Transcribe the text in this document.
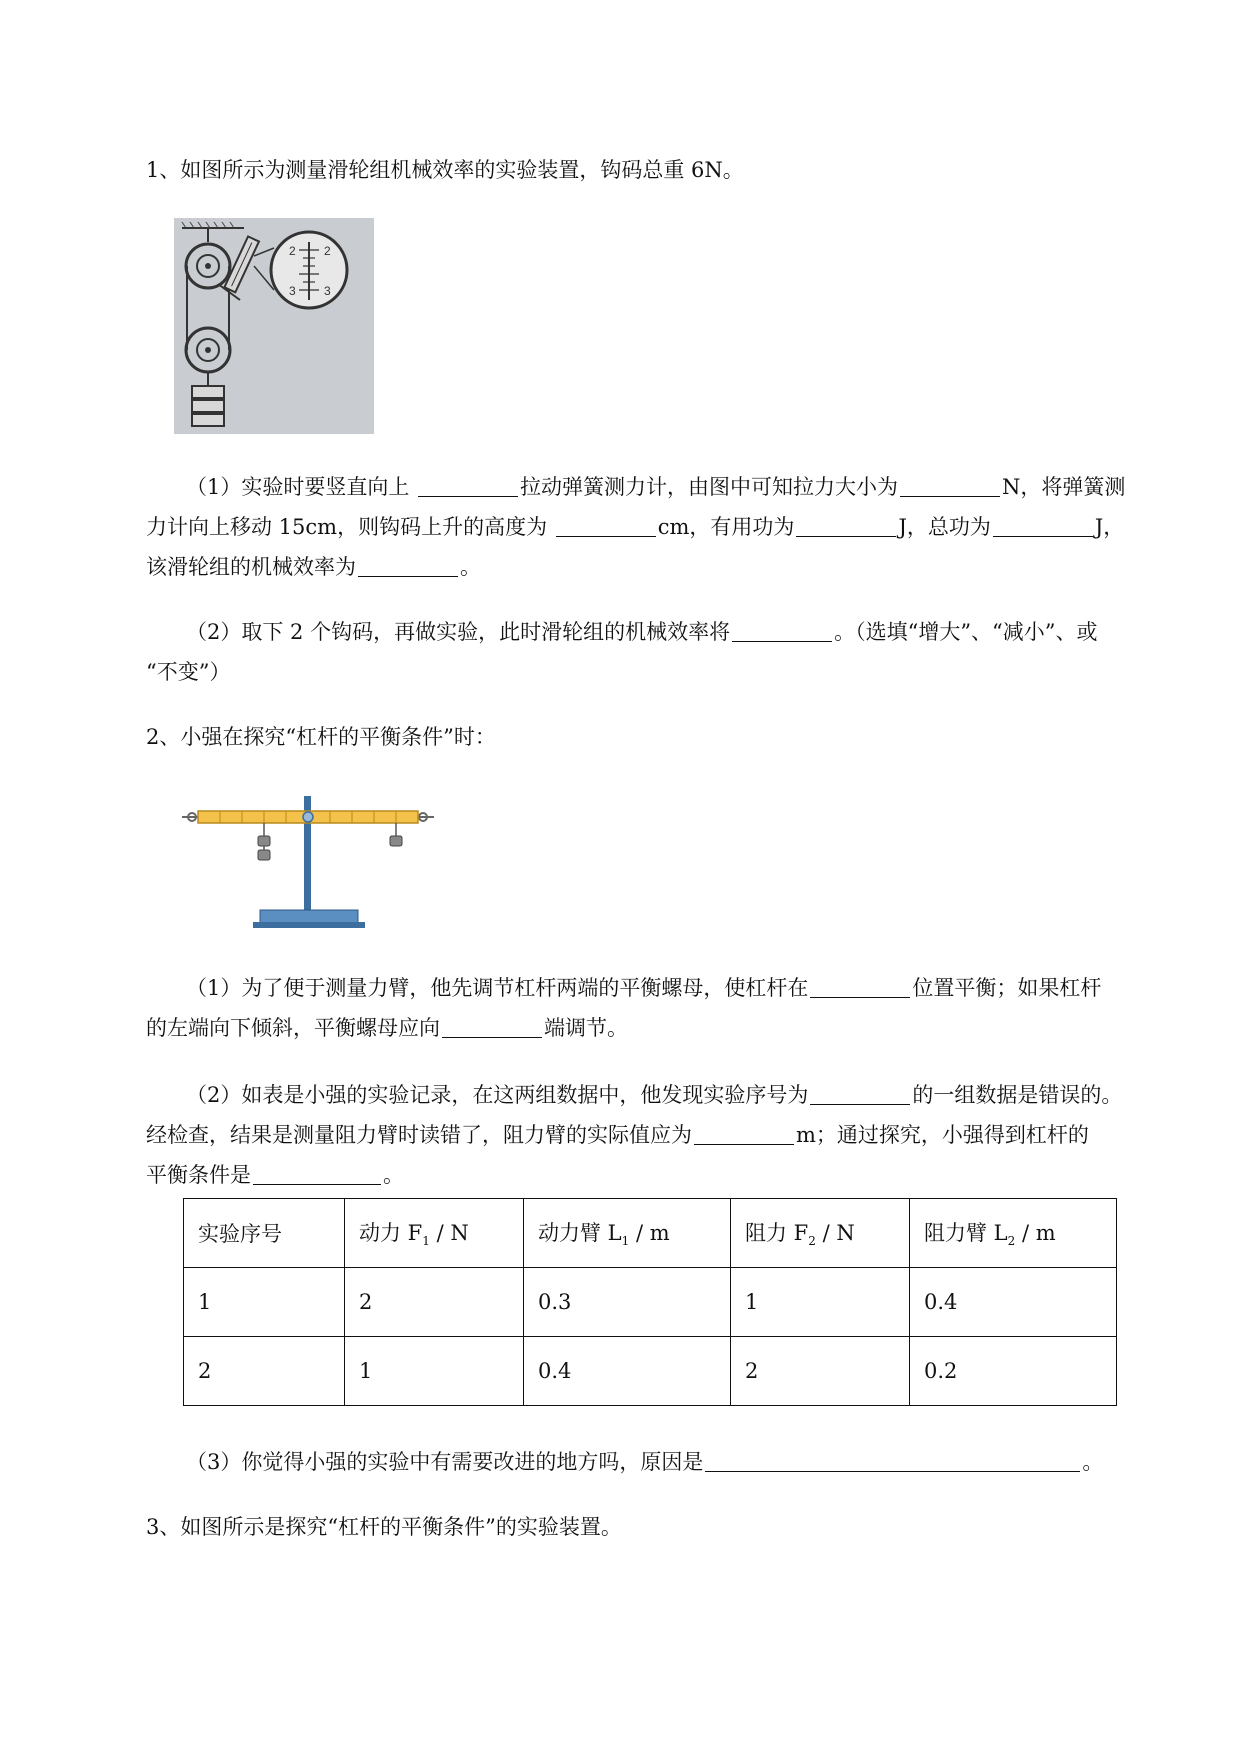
1、如图所示为测量滑轮组机械效率的实验装置，钩码总重 6N。
2 2
3 3
（1）实验时要竖直向上	拉动弹簧测力计，由图中可知拉力大小为	N，将弹簧测
力计向上移动 15cm，则钩码上升的高度为	cm，有用功为	J，总功为	J，
该滑轮组的机械效率为	。
（2）取下 2 个钩码，再做实验，此时滑轮组的机械效率将	。（选填“增大”、“减小”、或
“不变”）
2、小强在探究“杠杆的平衡条件”时：
（1）为了便于测量力臂，他先调节杠杆两端的平衡螺母，使杠杆在	位置平衡；如果杠杆
的左端向下倾斜，平衡螺母应向	端调节。
（2）如表是小强的实验记录，在这两组数据中，他发现实验序号为	的一组数据是错误的。
经检查，结果是测量阻力臂时读错了，阻力臂的实际值应为	m；通过探究，小强得到杠杆的
平衡条件是	。
实验序号	动力 $F_1$ / N	动力臂 $L_1$ / m	阻力 $F_2$ / N	阻力臂 $L_2$ / m
1	2	0.3	1	0.4
2	1	0.4	2	0.2
（3）你觉得小强的实验中有需要改进的地方吗，原因是	。
3、如图所示是探究“杠杆的平衡条件”的实验装置。
